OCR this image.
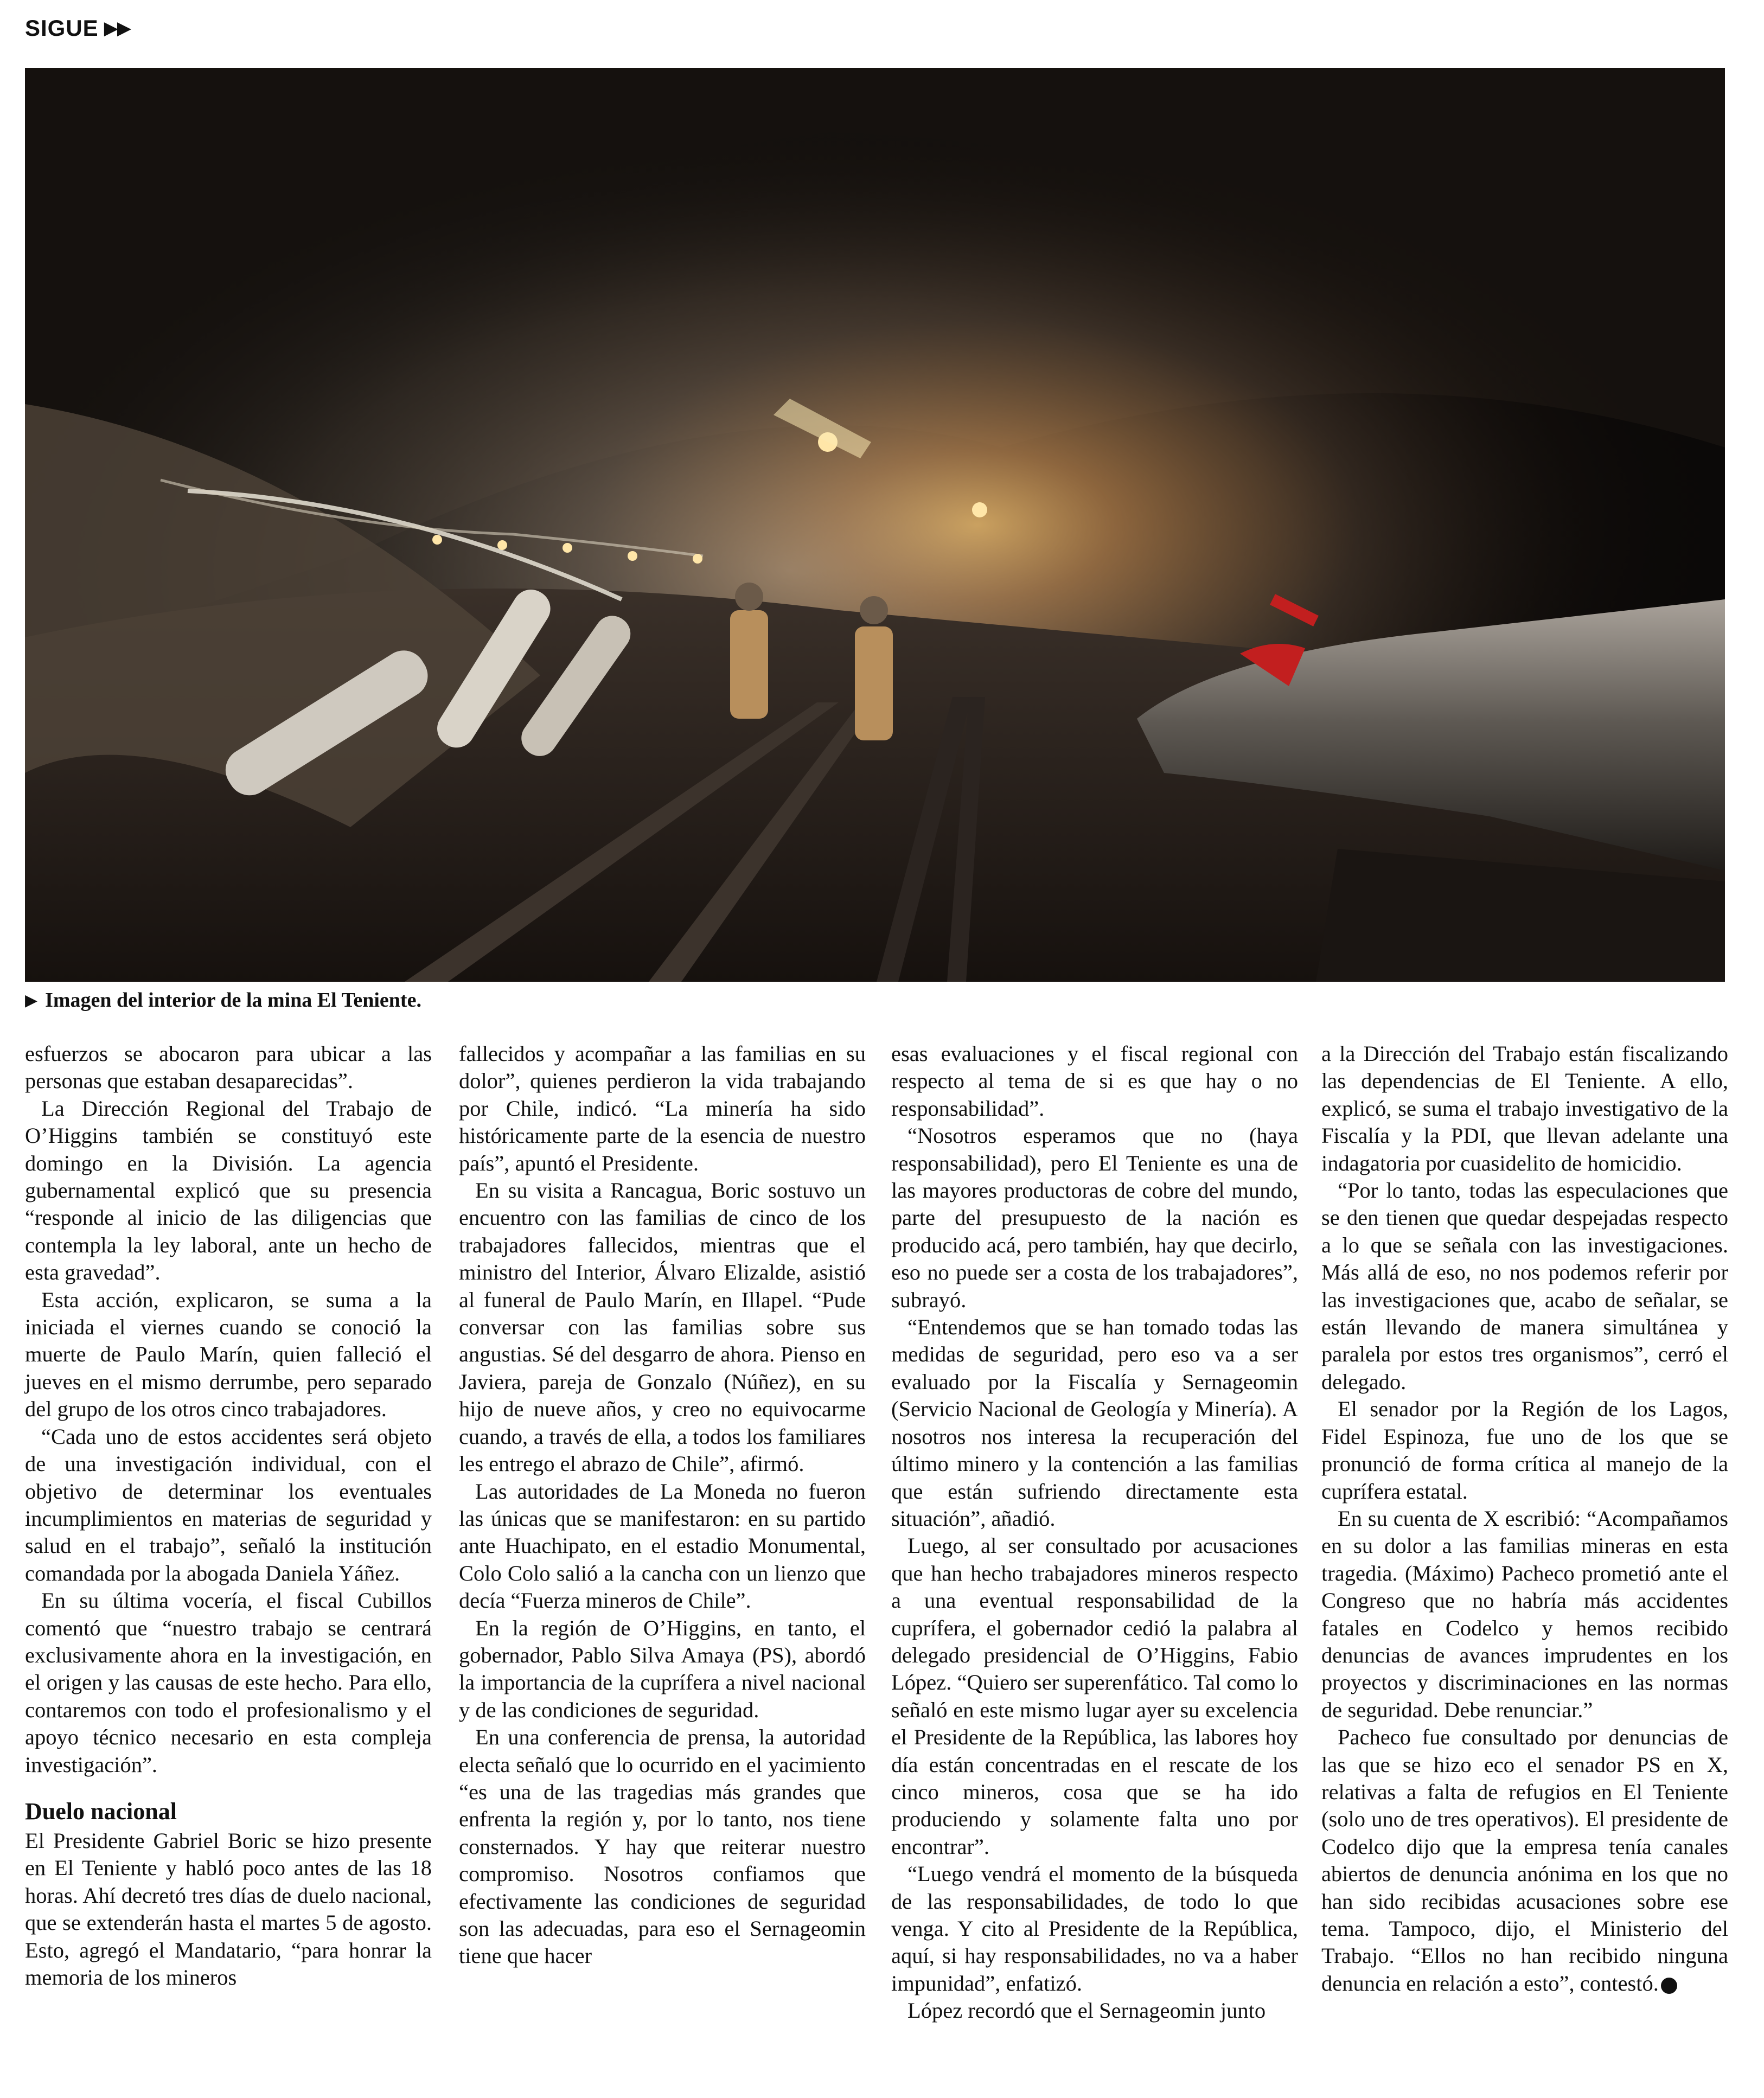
SIGUE ▶▶
▶ Imagen del interior de la mina El Teniente.

esfuerzos se abocaron para ubicar a las personas que estaban desaparecidas”.

La Dirección Regional del Trabajo de O’Higgins también se constituyó este domingo en la División. La agencia gubernamental explicó que su presencia “responde al inicio de las diligencias que contempla la ley laboral, ante un hecho de esta gravedad”.

Esta acción, explicaron, se suma a la iniciada el viernes cuando se conoció la muerte de Paulo Marín, quien falleció el jueves en el mismo derrumbe, pero separado del grupo de los otros cinco trabajadores.

“Cada uno de estos accidentes será objeto de una investigación individual, con el objetivo de determinar los eventuales incumplimientos en materias de seguridad y salud en el trabajo”, señaló la institución comandada por la abogada Daniela Yáñez.

En su última vocería, el fiscal Cubillos comentó que “nuestro trabajo se centrará exclusivamente ahora en la investigación, en el origen y las causas de este hecho. Para ello, contaremos con todo el profesionalismo y el apoyo técnico necesario en esta compleja investigación”.

Duelo nacional

El Presidente Gabriel Boric se hizo presente en El Teniente y habló poco antes de las 18 horas. Ahí decretó tres días de duelo nacional, que se extenderán hasta el martes 5 de agosto. Esto, agregó el Mandatario, “para honrar la memoria de los mineros

fallecidos y acompañar a las familias en su dolor”, quienes perdieron la vida trabajando por Chile, indicó. “La minería ha sido históricamente parte de la esencia de nuestro país”, apuntó el Presidente.

En su visita a Rancagua, Boric sostuvo un encuentro con las familias de cinco de los trabajadores fallecidos, mientras que el ministro del Interior, Álvaro Elizalde, asistió al funeral de Paulo Marín, en Illapel. “Pude conversar con las familias sobre sus angustias. Sé del desgarro de ahora. Pienso en Javiera, pareja de Gonzalo (Núñez), en su hijo de nueve años, y creo no equivocarme cuando, a través de ella, a todos los familiares les entrego el abrazo de Chile”, afirmó.

Las autoridades de La Moneda no fueron las únicas que se manifestaron: en su partido ante Huachipato, en el estadio Monumental, Colo Colo salió a la cancha con un lienzo que decía “Fuerza mineros de Chile”.

En la región de O’Higgins, en tanto, el gobernador, Pablo Silva Amaya (PS), abordó la importancia de la cuprífera a nivel nacional y de las condiciones de seguridad.

En una conferencia de prensa, la autoridad electa señaló que lo ocurrido en el yacimiento “es una de las tragedias más grandes que enfrenta la región y, por lo tanto, nos tiene consternados. Y hay que reiterar nuestro compromiso. Nosotros confiamos que efectivamente las condiciones de seguridad son las adecuadas, para eso el Sernageomin tiene que hacer

esas evaluaciones y el fiscal regional con respecto al tema de si es que hay o no responsabilidad”.

“Nosotros esperamos que no (haya responsabilidad), pero El Teniente es una de las mayores productoras de cobre del mundo, parte del presupuesto de la nación es producido acá, pero también, hay que decirlo, eso no puede ser a costa de los trabajadores”, subrayó.

“Entendemos que se han tomado todas las medidas de seguridad, pero eso va a ser evaluado por la Fiscalía y Sernageomin (Servicio Nacional de Geología y Minería). A nosotros nos interesa la recuperación del último minero y la contención a las familias que están sufriendo directamente esta situación”, añadió.

Luego, al ser consultado por acusaciones que han hecho trabajadores mineros respecto a una eventual responsabilidad de la cuprífera, el gobernador cedió la palabra al delegado presidencial de O’Higgins, Fabio López. “Quiero ser superenfático. Tal como lo señaló en este mismo lugar ayer su excelencia el Presidente de la República, las labores hoy día están concentradas en el rescate de los cinco mineros, cosa que se ha ido produciendo y solamente falta uno por encontrar”.

“Luego vendrá el momento de la búsqueda de las responsabilidades, de todo lo que venga. Y cito al Presidente de la República, aquí, si hay responsabilidades, no va a haber impunidad”, enfatizó.

López recordó que el Sernageomin junto

a la Dirección del Trabajo están fiscalizando las dependencias de El Teniente. A ello, explicó, se suma el trabajo investigativo de la Fiscalía y la PDI, que llevan adelante una indagatoria por cuasidelito de homicidio.

“Por lo tanto, todas las especulaciones que se den tienen que quedar despejadas respecto a lo que se señala con las investigaciones. Más allá de eso, no nos podemos referir por las investigaciones que, acabo de señalar, se están llevando de manera simultánea y paralela por estos tres organismos”, cerró el delegado.

El senador por la Región de los Lagos, Fidel Espinoza, fue uno de los que se pronunció de forma crítica al manejo de la cuprífera estatal.

En su cuenta de X escribió: “Acompañamos en su dolor a las familias mineras en esta tragedia. (Máximo) Pacheco prometió ante el Congreso que no habría más accidentes fatales en Codelco y hemos recibido denuncias de avances imprudentes en los proyectos y discriminaciones en las normas de seguridad. Debe renunciar.”

Pacheco fue consultado por denuncias de las que se hizo eco el senador PS en X, relativas a falta de refugios en El Teniente (solo uno de tres operativos). El presidente de Codelco dijo que la empresa tenía canales abiertos de denuncia anónima en los que no han sido recibidas acusaciones sobre ese tema. Tampoco, dijo, el Ministerio del Trabajo. “Ellos no han recibido ninguna denuncia en relación a esto”, contestó.
